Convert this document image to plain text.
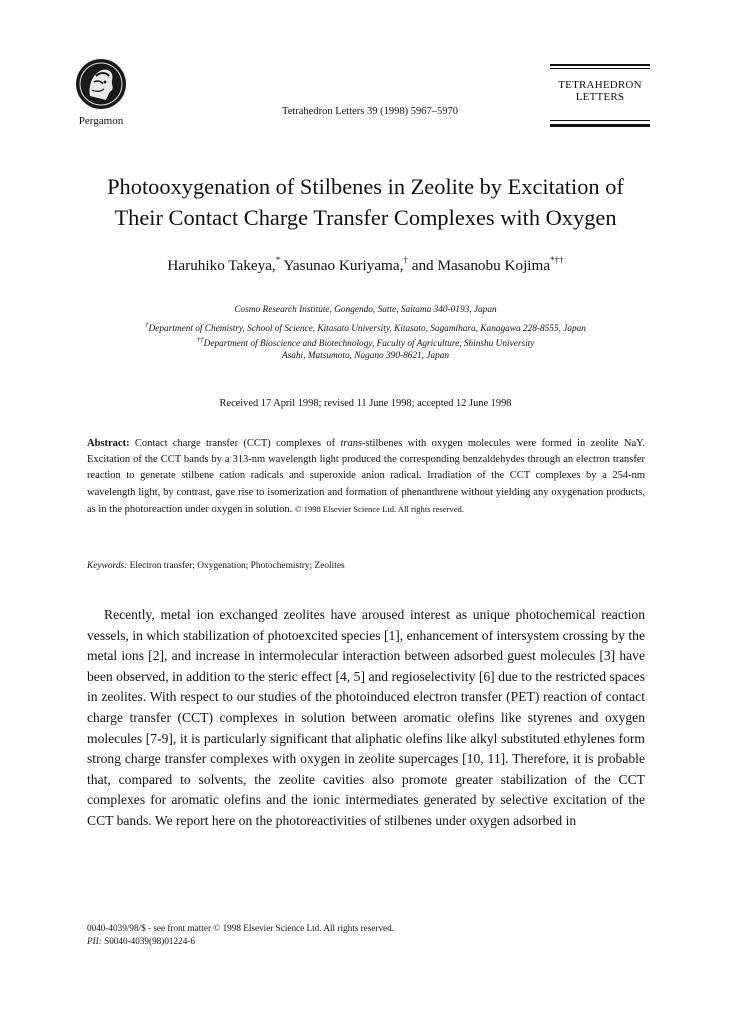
Pergamon
Tetrahedron Letters 39 (1998) 5967–5970
TETRAHEDRON
LETTERS
Photooxygenation of Stilbenes in Zeolite by Excitation of
Their Contact Charge Transfer Complexes with Oxygen
Haruhiko Takeya,* Yasunao Kuriyama,† and Masanobu Kojima*††
Cosmo Research Institute, Gongendo, Satte, Saitama 340-0193, Japan
†Department of Chemistry, School of Science, Kitasato University, Kitasato, Sagamihara, Kanagawa 228-8555, Japan
††Department of Bioscience and Biotechnology, Faculty of Agriculture, Shinshu University
Asahi, Matsumoto, Nagano 390-8621, Japan
Received 17 April 1998; revised 11 June 1998; accepted 12 June 1998
Abstract: Contact charge transfer (CCT) complexes of trans-stilbenes with oxygen molecules were formed in zeolite NaY. Excitation of the CCT bands by a 313-nm wavelength light produced the corresponding benzaldehydes through an electron transfer reaction to generate stilbene cation radicals and superoxide anion radical. Irradiation of the CCT complexes by a 254-nm wavelength light, by contrast, gave rise to isomerization and formation of phenanthrene without yielding any oxygenation products, as in the photoreaction under oxygen in solution. © 1998 Elsevier Science Ltd. All rights reserved.
Keywords: Electron transfer; Oxygenation; Photochemistry; Zeolites
Recently, metal ion exchanged zeolites have aroused interest as unique photochemical reaction vessels, in which stabilization of photoexcited species [1], enhancement of intersystem crossing by the metal ions [2], and increase in intermolecular interaction between adsorbed guest molecules [3] have been observed, in addition to the steric effect [4, 5] and regioselectivity [6] due to the restricted spaces in zeolites. With respect to our studies of the photoinduced electron transfer (PET) reaction of contact charge transfer (CCT) complexes in solution between aromatic olefins like styrenes and oxygen molecules [7-9], it is particularly significant that aliphatic olefins like alkyl substituted ethylenes form strong charge transfer complexes with oxygen in zeolite supercages [10, 11]. Therefore, it is probable that, compared to solvents, the zeolite cavities also promote greater stabilization of the CCT complexes for aromatic olefins and the ionic intermediates generated by selective excitation of the CCT bands. We report here on the photoreactivities of stilbenes under oxygen adsorbed in
0040-4039/98/$ - see front matter © 1998 Elsevier Science Ltd. All rights reserved.
PII: S0040-4039(98)01224-6
